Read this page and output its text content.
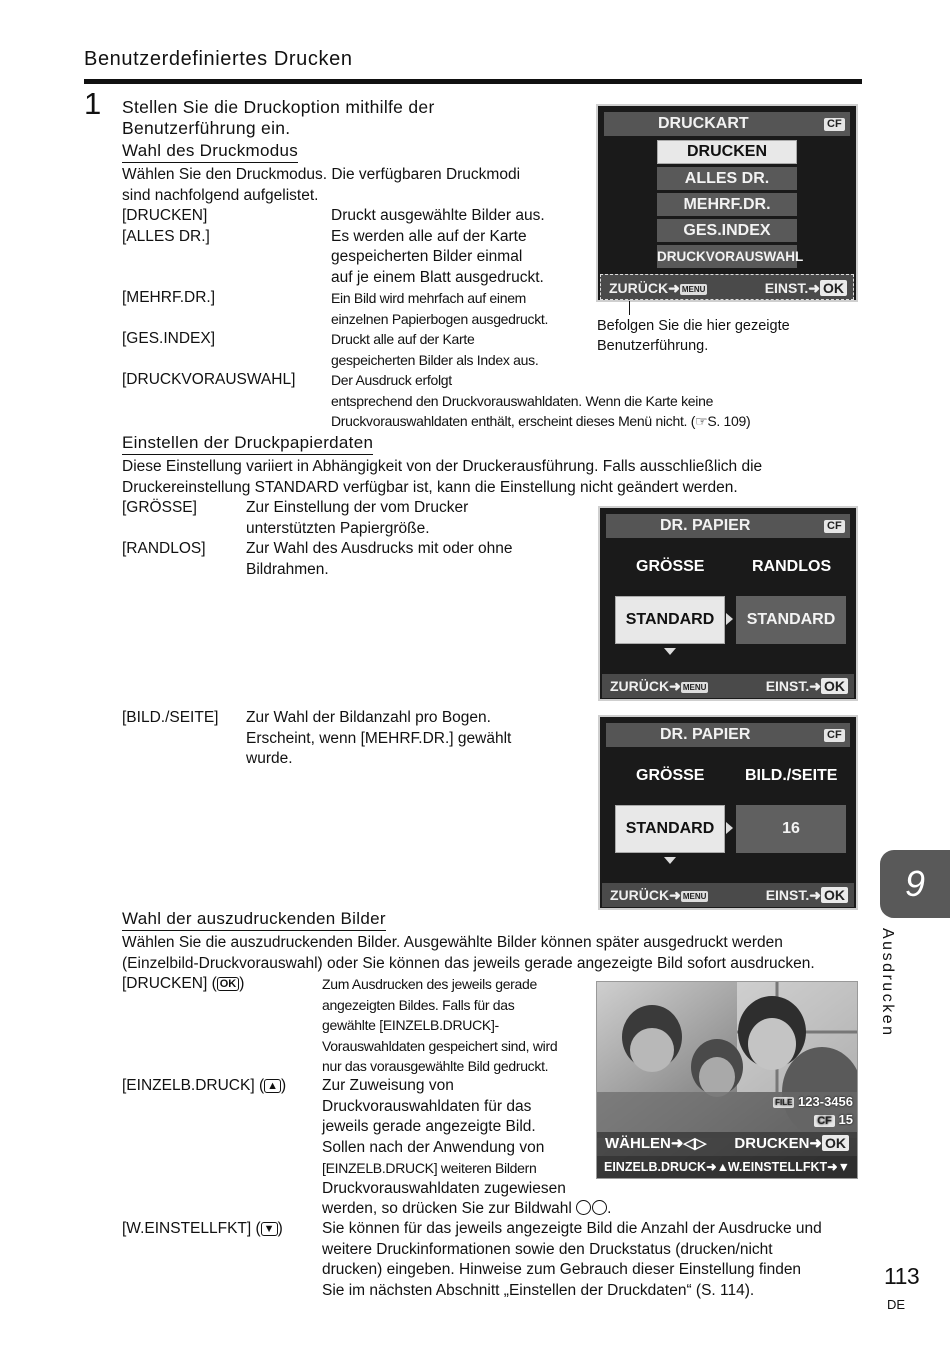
Benutzerdefiniertes Drucken
1 Stellen Sie die Druckoption mithilfe der
Benutzerführung ein.
Wahl des Druckmodus
Wählen Sie den Druckmodus. Die verfügbaren Druckmodi
sind nachfolgend aufgelistet.
[DRUCKEN]	Druckt ausgewählte Bilder aus.
[ALLES DR.]	Es werden alle auf der Karte
gespeicherten Bilder einmal
auf je einem Blatt ausgedruckt.
[MEHRF.DR.]	Ein Bild wird mehrfach auf einem
einzelnen Papierbogen ausgedruckt.
[GES.INDEX]	Druckt alle auf der Karte
gespeicherten Bilder als Index aus.
[DRUCKVORAUSWAHL]	Der Ausdruck erfolgt
entsprechend den Druckvorauswahldaten. Wenn die Karte keine
Druckvorauswahldaten enthält, erscheint dieses Menü nicht. (☞S. 109)
DRUCKART	CF
DRUCKEN
ALLES DR.
MEHRF.DR.
GES.INDEX
DRUCKVORAUSWAHL
ZURÜCK➜ MENU	EINST.➜ OK
Befolgen Sie die hier gezeigte
Benutzerführung.
Einstellen der Druckpapierdaten
Diese Einstellung variiert in Abhängigkeit von der Druckerausführung. Falls ausschließlich die
Druckereinstellung STANDARD verfügbar ist, kann die Einstellung nicht geändert werden.
[GRÖSSE]	Zur Einstellung der vom Drucker
unterstützten Papiergröße.
[RANDLOS]	Zur Wahl des Ausdrucks mit oder ohne
Bildrahmen.
[BILD./SEITE] Zur Wahl der Bildanzahl pro Bogen.
Erscheint, wenn [MEHRF.DR.] gewählt
wurde.
DR. PAPIER	CF
GRÖSSE	RANDLOS
STANDARD	STANDARD
ZURÜCK➜ MENU	EINST.➜ OK
DR. PAPIER	CF
GRÖSSE	BILD./SEITE
STANDARD	16
ZURÜCK➜ MENU	EINST.➜ OK
Wahl der auszudruckenden Bilder
Wählen Sie die auszudruckenden Bilder. Ausgewählte Bilder können später ausgedruckt werden
(Einzelbild-Druckvorauswahl) oder Sie können das jeweils gerade angezeigte Bild sofort ausdrucken.
[DRUCKEN] ( OK )	Zum Ausdrucken des jeweils gerade
angezeigten Bildes. Falls für das
gewählte [EINZELB.DRUCK]-
Vorauswahldaten gespeichert sind, wird
nur das vorausgewählte Bild gedruckt.
[EINZELB.DRUCK] ( ▲ ) Zur Zuweisung von
Druckvorauswahldaten für das
jeweils gerade angezeigte Bild.
Sollen nach der Anwendung von
[EINZELB.DRUCK] weiteren Bildern
Druckvorauswahldaten zugewiesen
werden, so drücken Sie zur Bildwahl .
[W.EINSTELLFKT] ( ▼ )	Sie können für das jeweils angezeigte Bild die Anzahl der Ausdrucke und
weitere Druckinformationen sowie den Druckstatus (drucken/nicht
drucken) eingeben. Hinweise zum Gebrauch dieser Einstellung finden
Sie im nächsten Abschnitt „Einstellen der Druckdaten“ (S. 114).
FILE 123-3456
CF 15
WÄHLEN➜◁▷ DRUCKEN➜ OK
EINZELB.DRUCK➜▲
W.EINSTELLFKT➜▼
9
Ausdrucken
113
DE
